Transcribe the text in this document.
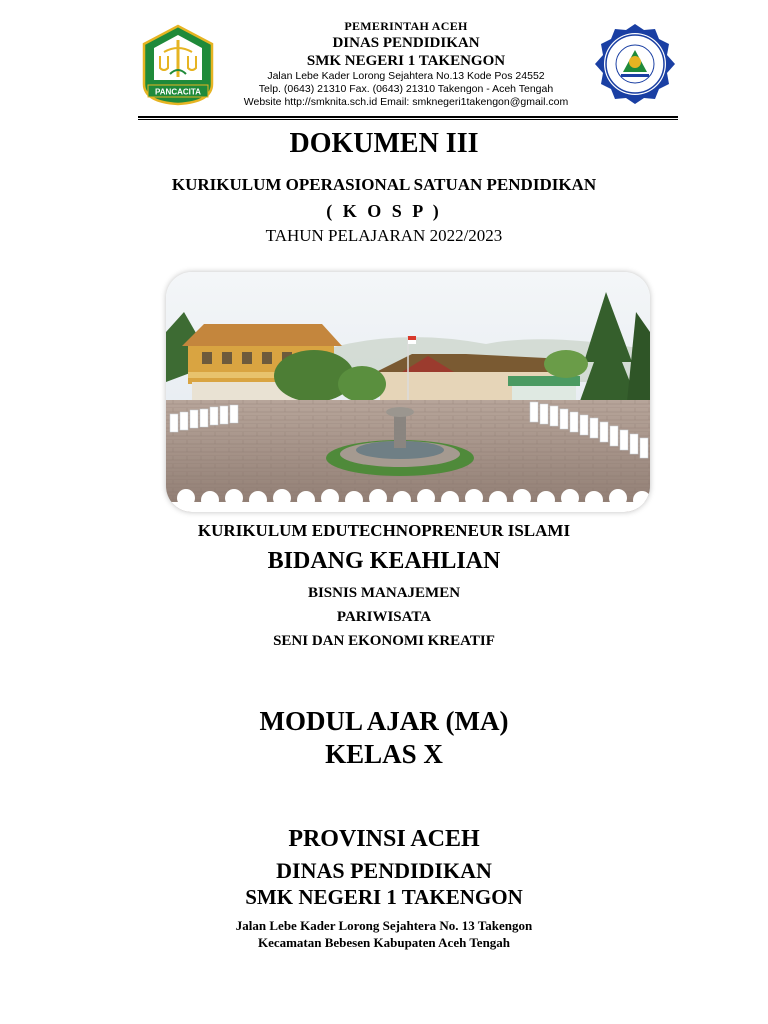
PANCACITA
PEMERINTAH ACEH
DINAS PENDIDIKAN
SMK NEGERI 1 TAKENGON
Jalan Lebe Kader Lorong Sejahtera No.13 Kode Pos 24552
Telp. (0643) 21310 Fax. (0643) 21310 Takengon - Aceh Tengah
Website http://smknita.sch.id Email: smknegeri1takengon@gmail.com
DOKUMEN III
KURIKULUM OPERASIONAL SATUAN PENDIDIKAN
( K O S P )
TAHUN PELAJARAN 2022/2023
KURIKULUM EDUTECHNOPRENEUR ISLAMI
BIDANG KEAHLIAN
BISNIS MANAJEMEN
PARIWISATA
SENI DAN EKONOMI KREATIF
MODUL AJAR (MA)
KELAS X
PROVINSI ACEH
DINAS PENDIDIKAN
SMK NEGERI 1 TAKENGON
Jalan Lebe Kader Lorong Sejahtera No. 13 Takengon
Kecamatan Bebesen Kabupaten Aceh Tengah
